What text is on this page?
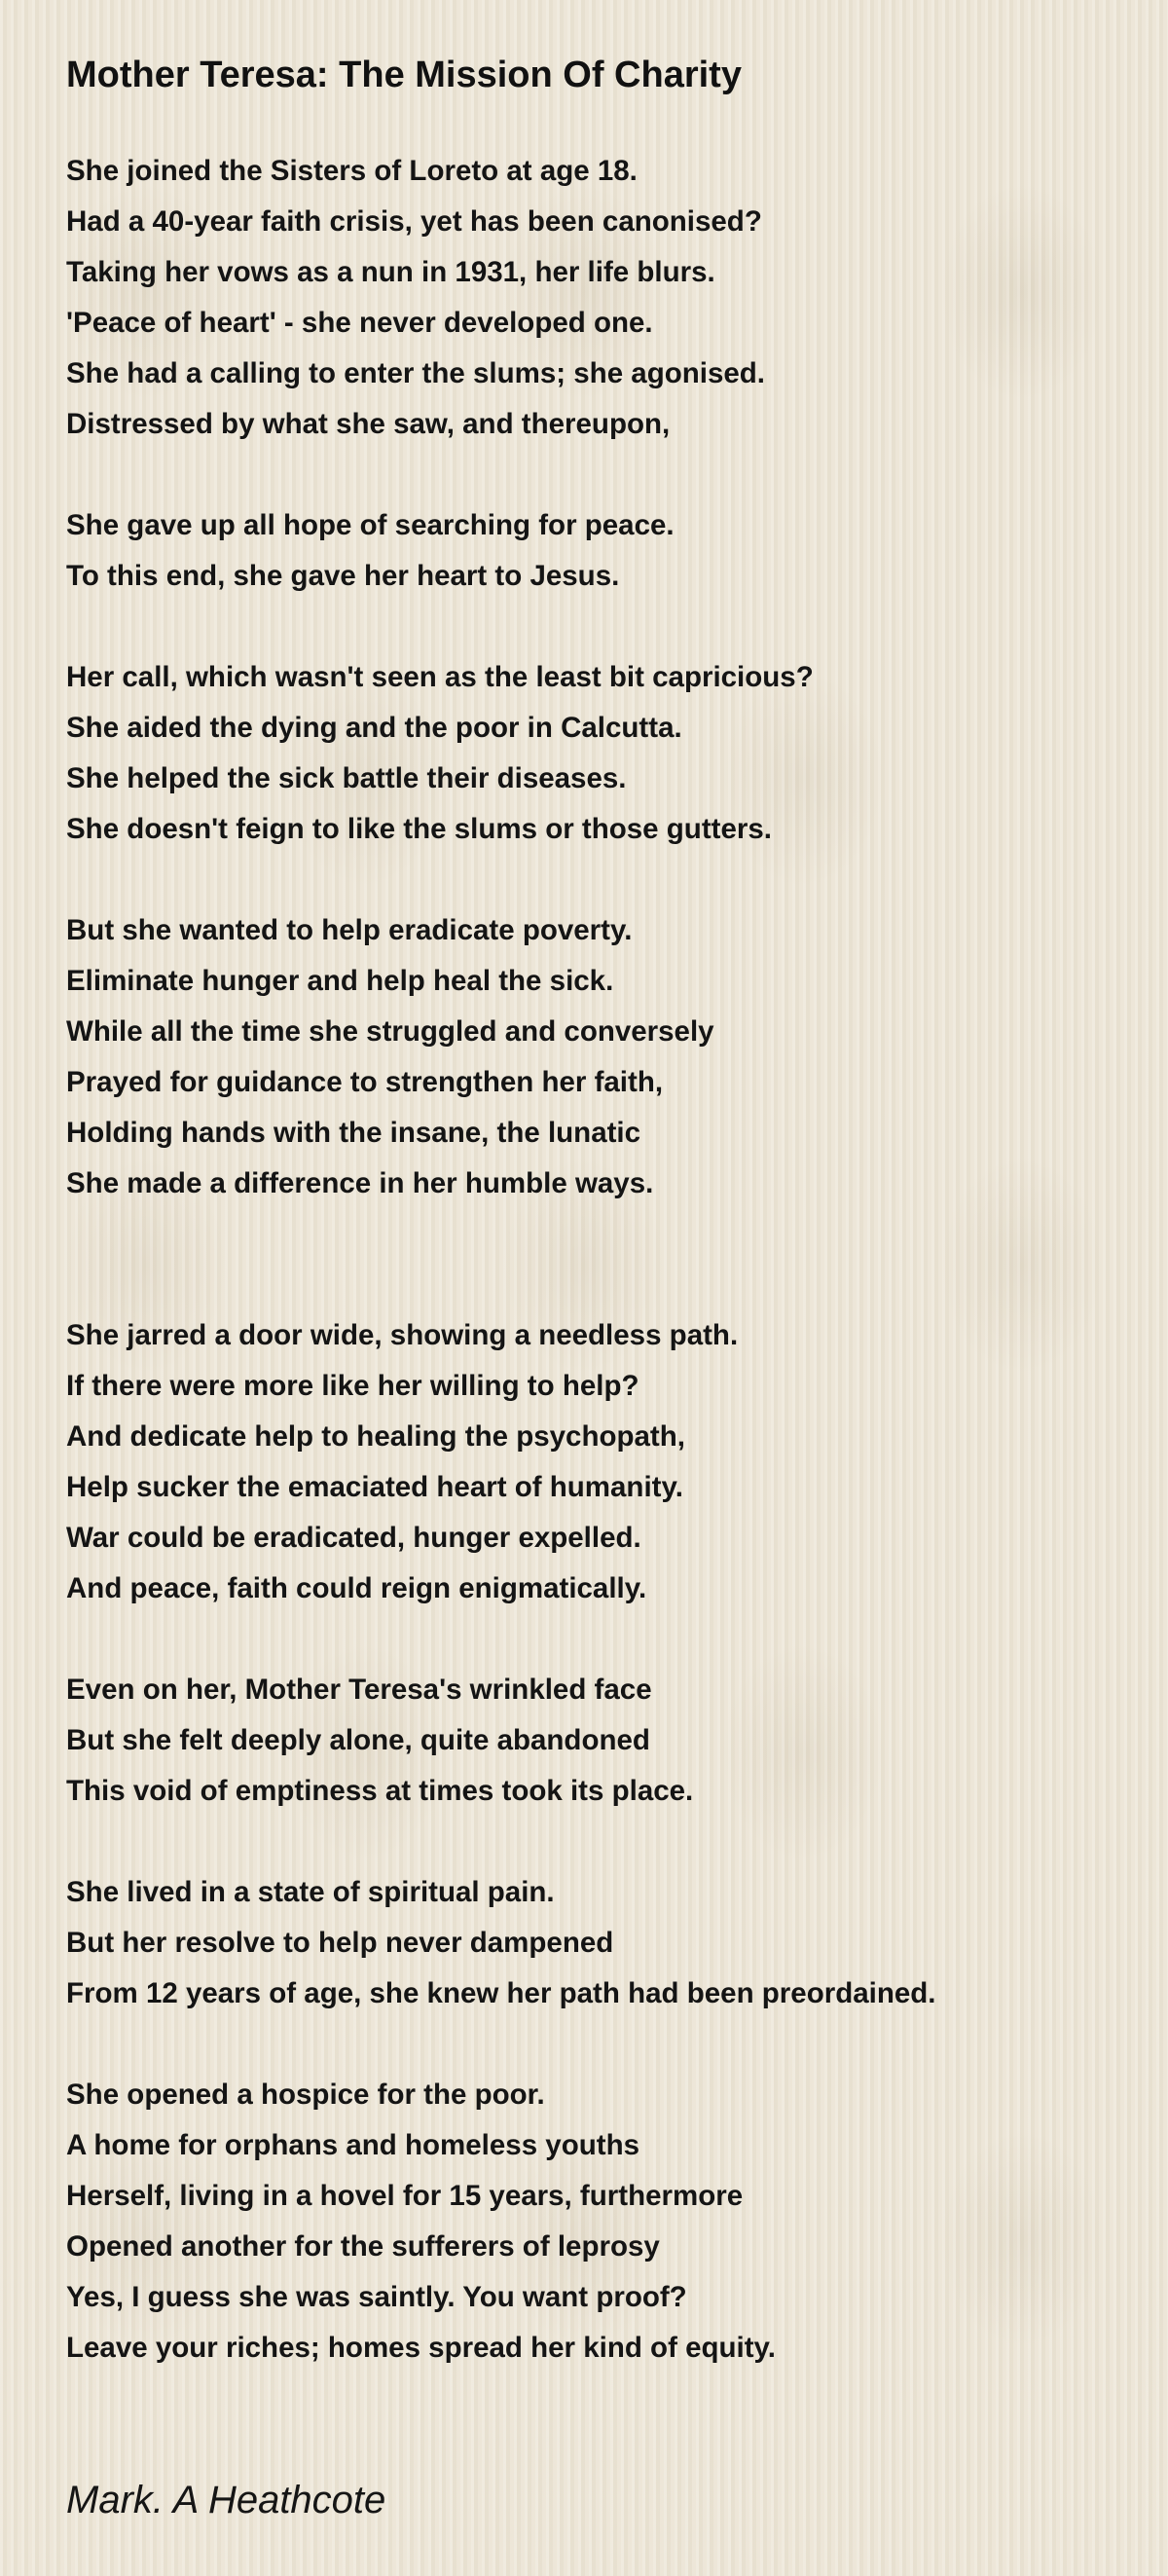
Mother Teresa: The Mission Of Charity
She joined the Sisters of Loreto at age 18.
Had a 40-year faith crisis, yet has been canonised?
Taking her vows as a nun in 1931, her life blurs.
'Peace of heart' - she never developed one.
She had a calling to enter the slums; she agonised.
Distressed by what she saw, and thereupon,
She gave up all hope of searching for peace.
To this end, she gave her heart to Jesus.
Her call, which wasn't seen as the least bit capricious?
She aided the dying and the poor in Calcutta.
She helped the sick battle their diseases.
She doesn't feign to like the slums or those gutters.
But she wanted to help eradicate poverty.
Eliminate hunger and help heal the sick.
While all the time she struggled and conversely
Prayed for guidance to strengthen her faith,
Holding hands with the insane, the lunatic
She made a difference in her humble ways.
She jarred a door wide, showing a needless path.
If there were more like her willing to help?
And dedicate help to healing the psychopath,
Help sucker the emaciated heart of humanity.
War could be eradicated, hunger expelled.
And peace, faith could reign enigmatically.
Even on her, Mother Teresa's wrinkled face
But she felt deeply alone, quite abandoned
This void of emptiness at times took its place.
She lived in a state of spiritual pain.
But her resolve to help never dampened
From 12 years of age, she knew her path had been preordained.
She opened a hospice for the poor.
A home for orphans and homeless youths
Herself, living in a hovel for 15 years, furthermore
Opened another for the sufferers of leprosy
Yes, I guess she was saintly. You want proof?
Leave your riches; homes spread her kind of equity.
Mark. A Heathcote
